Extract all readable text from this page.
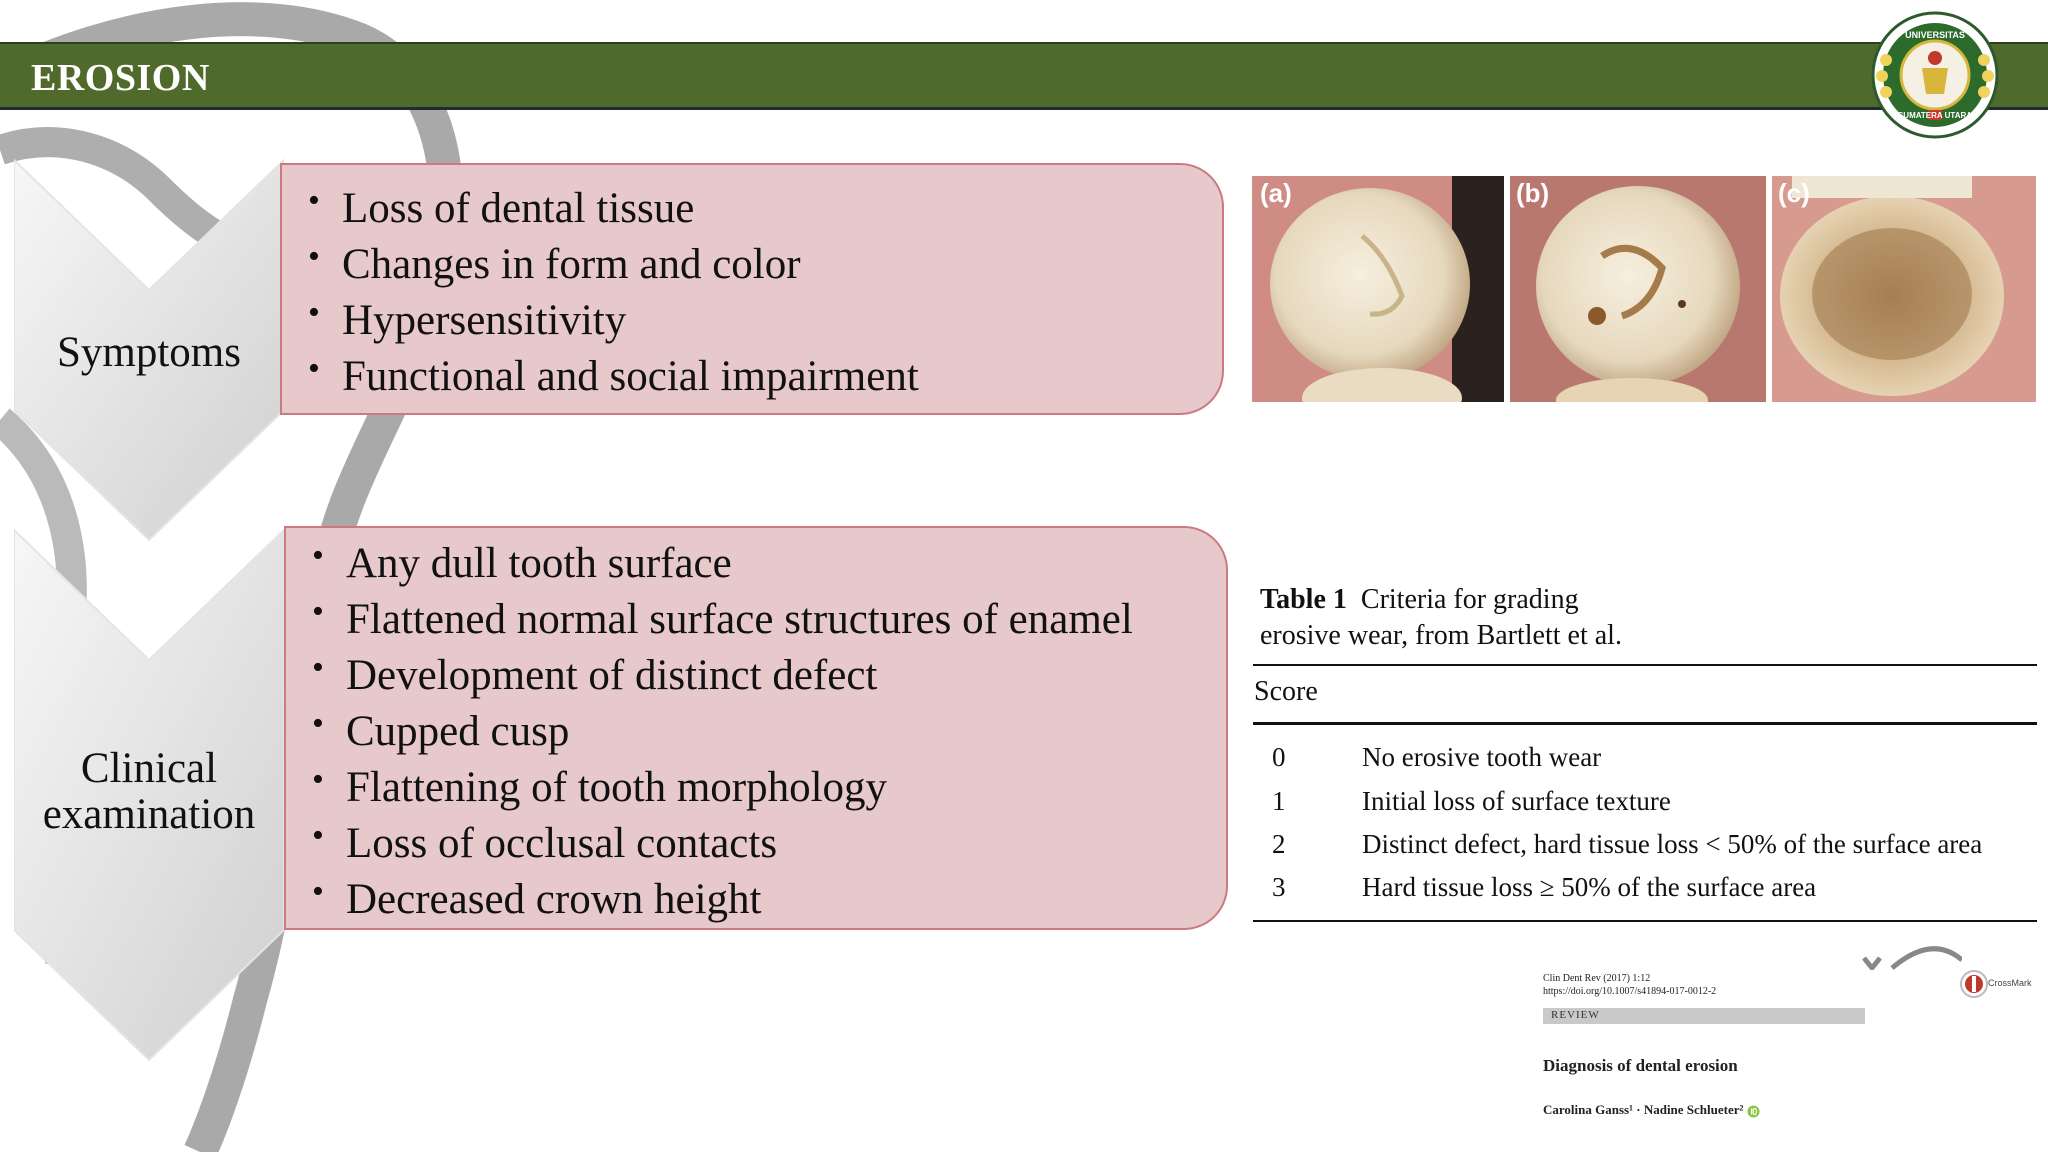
EROSION
UNIVERSITAS
SUMATERA UTARA
Symptoms
• Loss of dental tissue
• Changes in form and color
• Hypersensitivity
• Functional and social impairment
Clinical
examination
• Any dull tooth surface
• Flattened normal surface structures of enamel
• Development of distinct defect
• Cupped cusp
• Flattening of tooth morphology
• Loss of occlusal contacts
• Decreased crown height
(a)	(b)	(c)
Table 1 Criteria for grading
erosive wear, from Bartlett et al.
Score
0	No erosive tooth wear
1	Initial loss of surface texture
2	Distinct defect, hard tissue loss < 50% of the surface area
3	Hard tissue loss ≥ 50% of the surface area
Clin Dent Rev (2017) 1:12
https://doi.org/10.1007/s41894-017-0012-2
REVIEW
CrossMark
Diagnosis of dental erosion
Carolina Ganss¹ · Nadine Schlueter²
